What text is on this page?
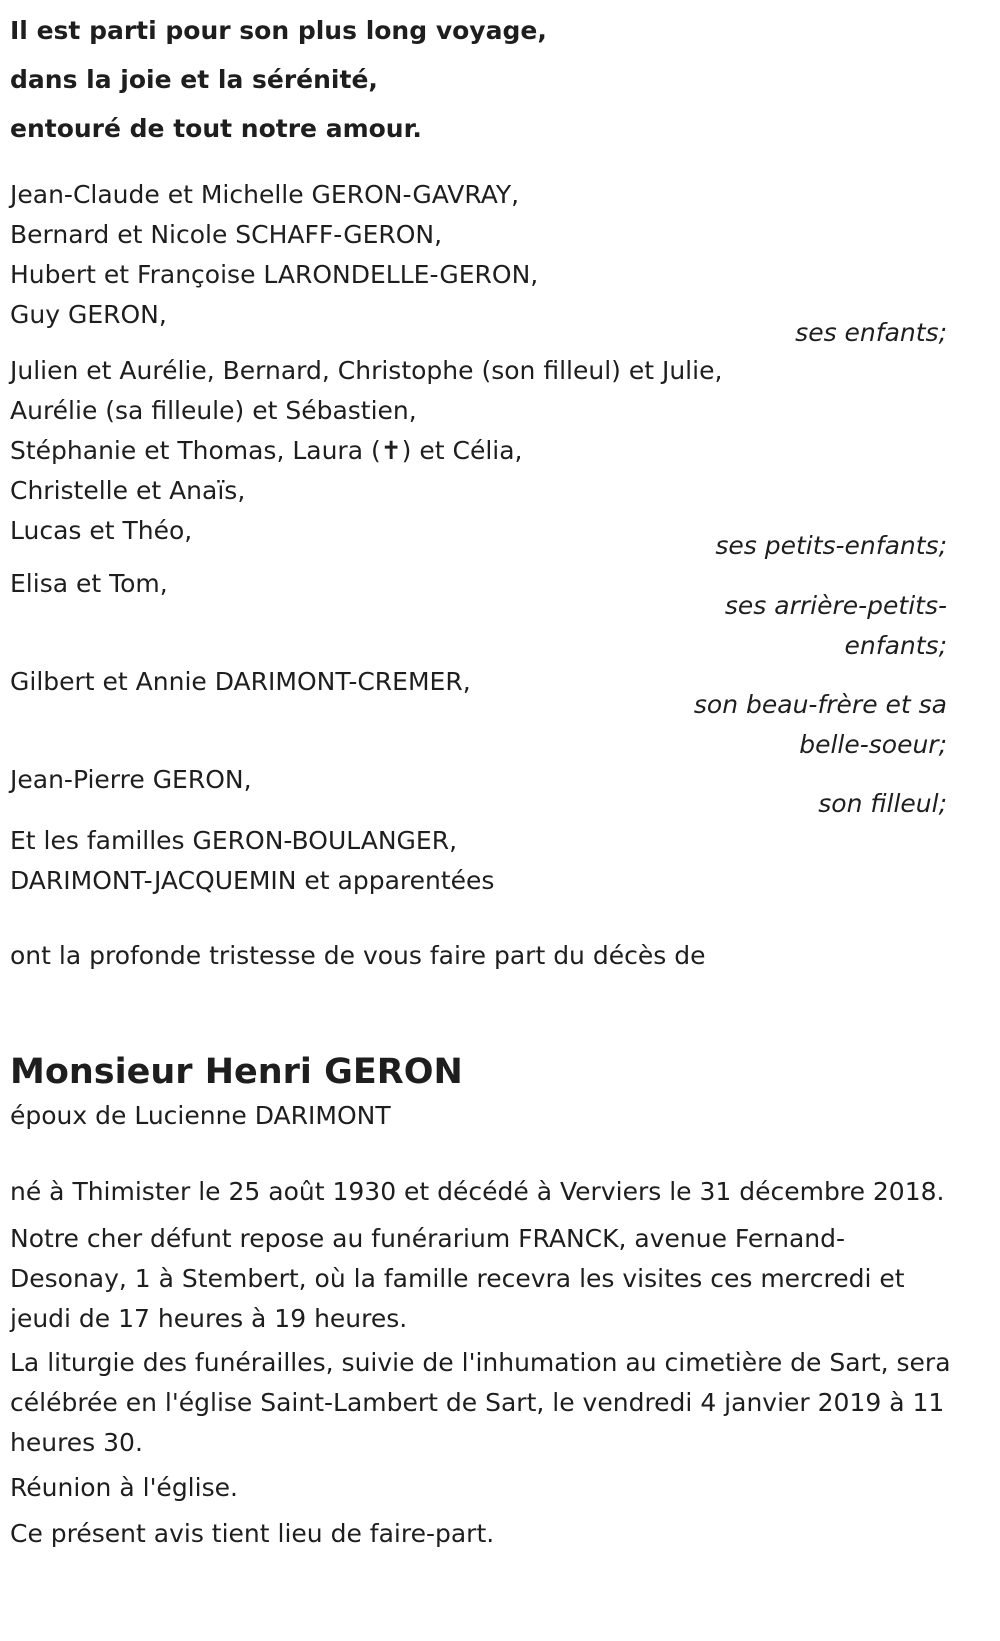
Il est parti pour son plus long voyage,
dans la joie et la sérénité,
entouré de tout notre amour.
Jean-Claude et Michelle GERON-GAVRAY,
Bernard et Nicole SCHAFF-GERON,
Hubert et Françoise LARONDELLE-GERON,
Guy GERON,
ses enfants;
Julien et Aurélie, Bernard, Christophe (son filleul) et Julie,
Aurélie (sa filleule) et Sébastien,
Stéphanie et Thomas, Laura (✝) et Célia,
Christelle et Anaïs,
Lucas et Théo,
ses petits-enfants;
Elisa et Tom,
ses arrière-petits-
enfants;
Gilbert et Annie DARIMONT-CREMER,
son beau-frère et sa
belle-soeur;
Jean-Pierre GERON,
son filleul;
Et les familles GERON-BOULANGER,
DARIMONT-JACQUEMIN et apparentées
ont la profonde tristesse de vous faire part du décès de
Monsieur Henri GERON
époux de Lucienne DARIMONT
né à Thimister le 25 août 1930 et décédé à Verviers le 31 décembre 2018.
Notre cher défunt repose au funérarium FRANCK, avenue Fernand-Desonay, 1 à Stembert, où la famille recevra les visites ces mercredi et jeudi de 17 heures à 19 heures.
La liturgie des funérailles, suivie de l'inhumation au cimetière de Sart, sera célébrée en l'église Saint-Lambert de Sart, le vendredi 4 janvier 2019 à 11 heures 30.
Réunion à l'église.
Ce présent avis tient lieu de faire-part.
